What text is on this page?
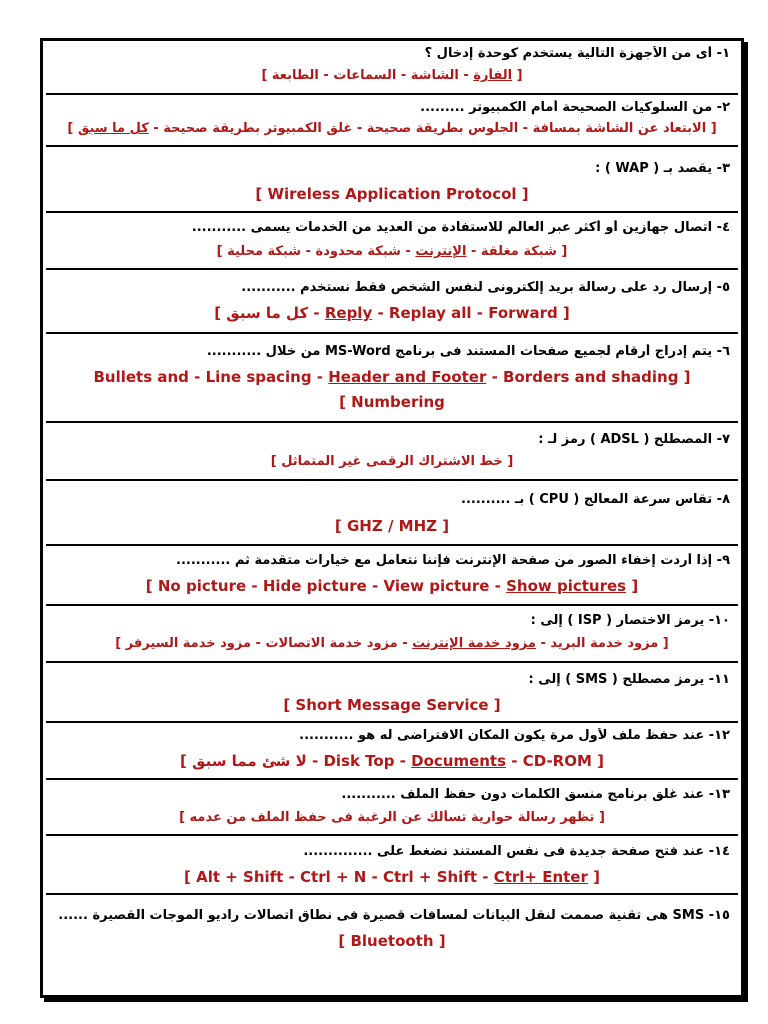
١- أى من الأجهزة التالية يستخدم كوحدة إدخال ؟
[ الفأرة - الشاشة - السماعات - الطابعة ]
٢- من السلوكيات الصحيحة أمام الكمبيوتر .........
[ الابتعاد عن الشاشة بمسافة - الجلوس بطريقة صحيحة - غلق الكمبيوتر بطريقة صحيحة - كل ما سبق ]
٣- يقصد بـ ( WAP ) :
[ Wireless Application Protocol ]
٤- اتصال جهازين أو أكثر عبر العالم للاستفادة من العديد من الخدمات يسمى ...........
[ شبكة مغلقة - الإنترنت - شبكة محدودة - شبكة محلية ]
٥- إرسال رد على رسالة بريد إلكترونى لنفس الشخص فقط نستخدم ...........
[ كل ما سبق - Reply - Replay all - Forward ]
٦- يتم إدراج أرقام لجميع صفحات المستند فى برنامج MS-Word من خلال ...........
Bullets and - Line spacing - Header and Footer - Borders and shading ]
[ Numbering
٧- المصطلح ( ADSL ) رمز لـ :
[ خط الاشتراك الرقمى غير المتماثل ]
٨- تقاس سرعة المعالج ( CPU ) بـ ..........
[ GHZ / MHZ ]
٩- إذا أردت إخفاء الصور من صفحة الإنترنت فإننا نتعامل مع خيارات متقدمة ثم ...........
[ No picture - Hide picture - View picture - Show pictures ]
١٠- يرمز الاختصار ( ISP ) إلى :
[ مزود خدمة البريد - مزود خدمة الإنترنت - مزود خدمة الاتصالات - مزود خدمة السيرفر ]
١١- يرمز مصطلح ( SMS ) إلى :
[ Short Message Service ]
١٢- عند حفظ ملف لأول مرة يكون المكان الافتراضى له هو ...........
[ لا شئ مما سبق - Disk Top - Documents - CD-ROM ]
١٣- عند غلق برنامج منسق الكلمات دون حفظ الملف ...........
[ تظهر رسالة حوارية تسألك عن الرغبة فى حفظ الملف من عدمه ]
١٤- عند فتح صفحة جديدة فى نفس المستند نضغط على ..............
[ Alt + Shift - Ctrl + N - Ctrl + Shift - Ctrl+ Enter ]
١٥- SMS هى تقنية صممت لنقل البيانات لمسافات قصيرة فى نطاق اتصالات راديو الموجات القصيرة ......
[ Bluetooth ]
